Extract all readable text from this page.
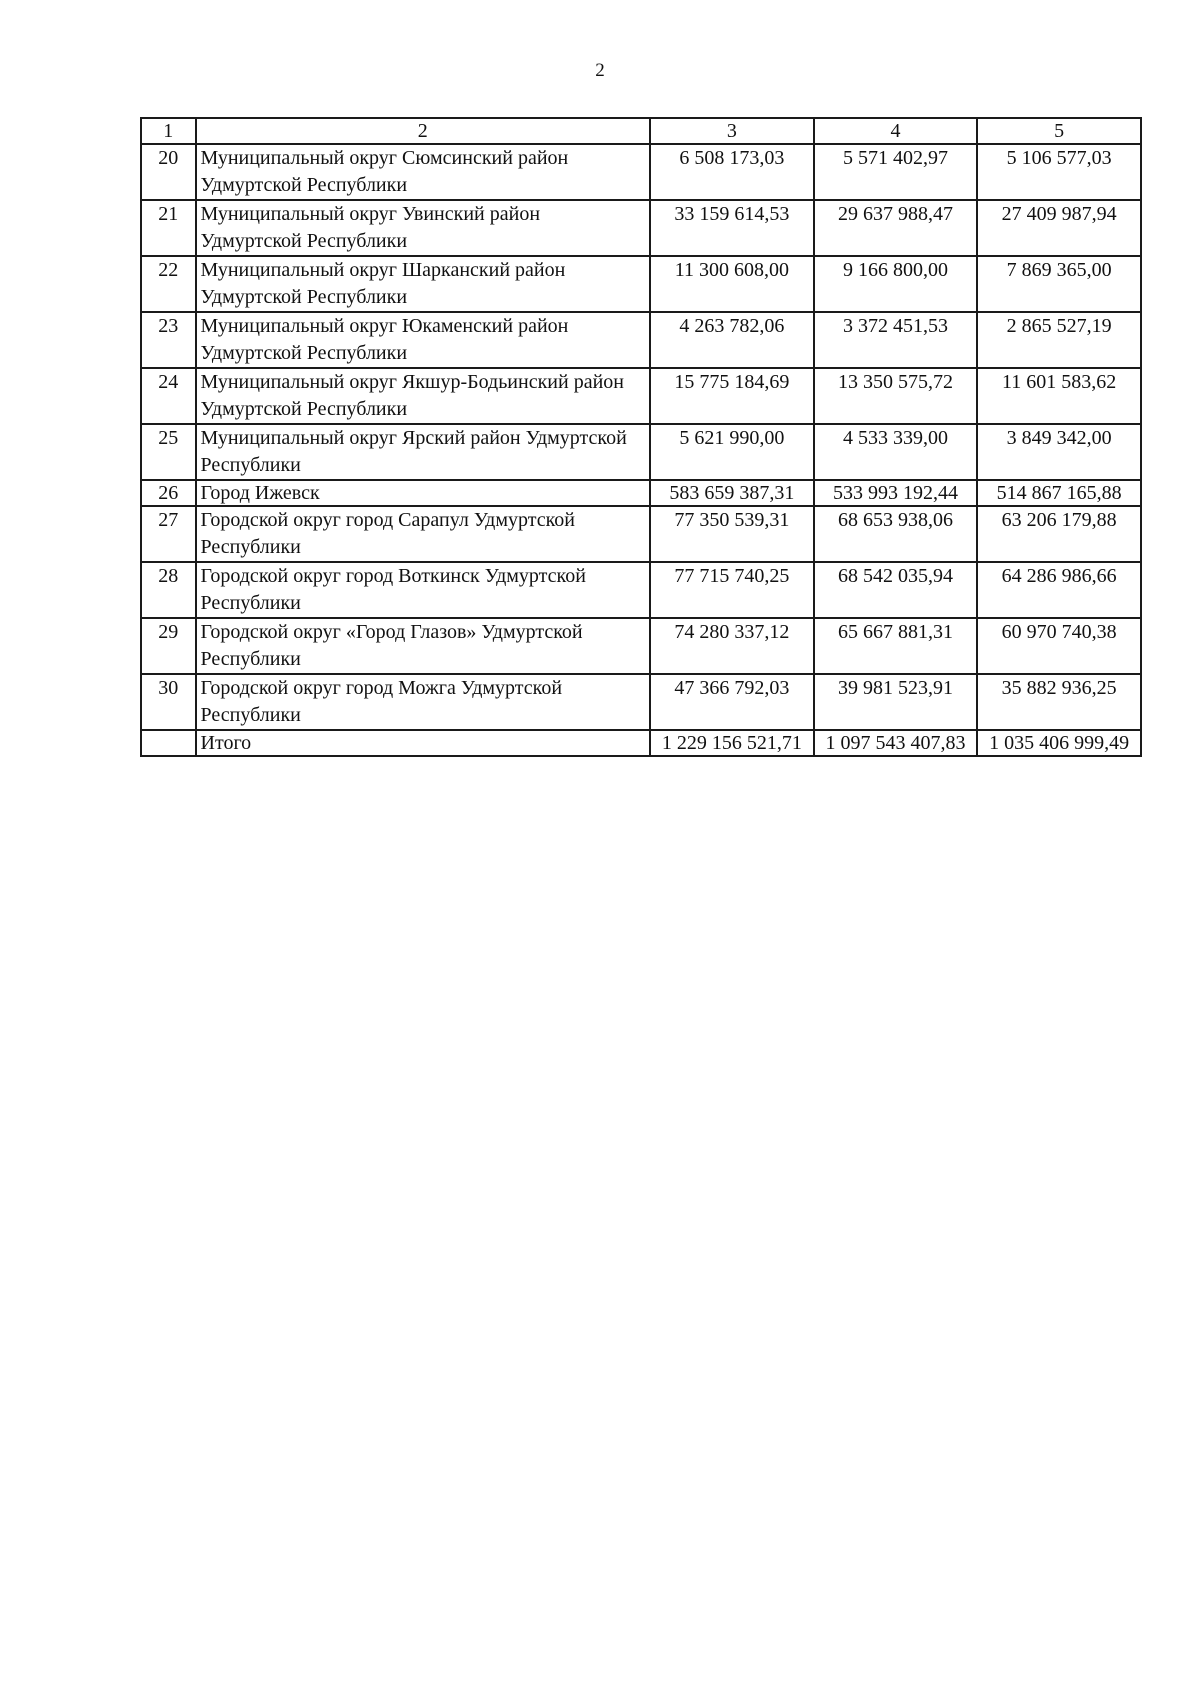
2
1	2	3	4	5
20	Муниципальный округ Сюмсинский район Удмуртской Республики	6 508 173,03	5 571 402,97	5 106 577,03
21	Муниципальный округ Увинский район Удмуртской Республики	33 159 614,53	29 637 988,47	27 409 987,94
22	Муниципальный округ Шарканский район Удмуртской Республики	11 300 608,00	9 166 800,00	7 869 365,00
23	Муниципальный округ Юкаменский район Удмуртской Республики	4 263 782,06	3 372 451,53	2 865 527,19
24	Муниципальный округ Якшур-Бодьинский район Удмуртской Республики	15 775 184,69	13 350 575,72	11 601 583,62
25	Муниципальный округ Ярский район Удмуртской Республики	5 621 990,00	4 533 339,00	3 849 342,00
26	Город Ижевск	583 659 387,31	533 993 192,44	514 867 165,88
27	Городской округ город Сарапул Удмуртской Республики	77 350 539,31	68 653 938,06	63 206 179,88
28	Городской округ город Воткинск Удмуртской Республики	77 715 740,25	68 542 035,94	64 286 986,66
29	Городской округ «Город Глазов» Удмуртской Республики	74 280 337,12	65 667 881,31	60 970 740,38
30	Городской округ город Можга Удмуртской Республики	47 366 792,03	39 981 523,91	35 882 936,25
	Итого	1 229 156 521,71	1 097 543 407,83	1 035 406 999,49
